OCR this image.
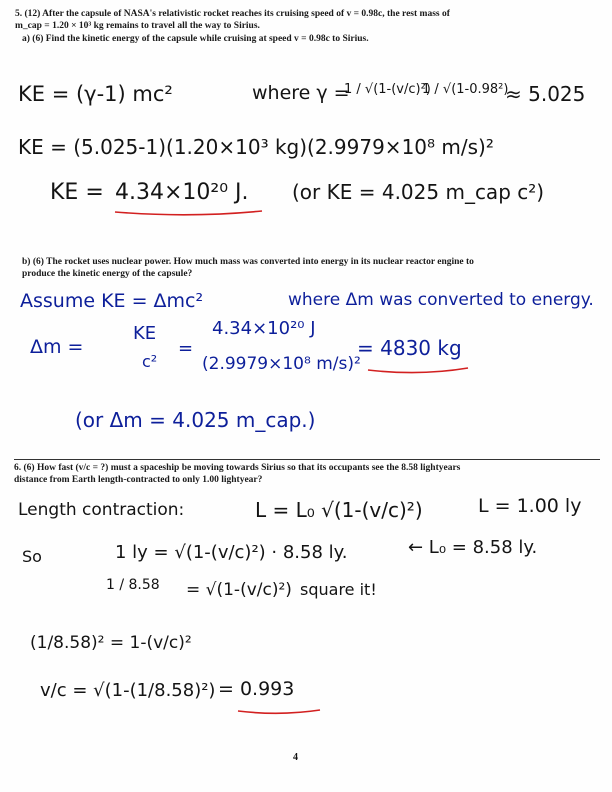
5. (12) After the capsule of NASA's relativistic rocket reaches its cruising speed of v = 0.98c, the rest mass of
m_cap = 1.20 × 10³ kg remains to travel all the way to Sirius.
a) (6) Find the kinetic energy of the capsule while cruising at speed v = 0.98c to Sirius.
KE = (γ-1) mc²	where γ =
1 / √(1-(v/c)²)
1 / √(1-0.98²)
≈ 5.025
KE = (5.025-1)(1.20×10³ kg)(2.9979×10⁸ m/s)²
KE = 4.34×10²⁰ J. (or KE = 4.025 m_cap c²)
b) (6) The rocket uses nuclear power. How much mass was converted into energy in its nuclear reactor engine to
produce the kinetic energy of the capsule?
Assume KE = Δmc²	where Δm was converted to energy.
Δm =
KE
c²
=
4.34×10²⁰ J
(2.9979×10⁸ m/s)²
= 4830 kg
(or Δm = 4.025 m_cap.)
6. (6) How fast (v/c = ?) must a spaceship be moving towards Sirius so that its occupants see the 8.58 lightyears
distance from Earth length-contracted to only 1.00 lightyear?
Length contraction:	L = L₀ √(1-(v/c)²)	L = 1.00 ly
So	1 ly = √(1-(v/c)²) · 8.58 ly.	← L₀ = 8.58 ly.
1 / 8.58 = √(1-(v/c)²) square it!
(1/8.58)² = 1-(v/c)²
v/c = √(1-(1/8.58)²) = 0.993
4
